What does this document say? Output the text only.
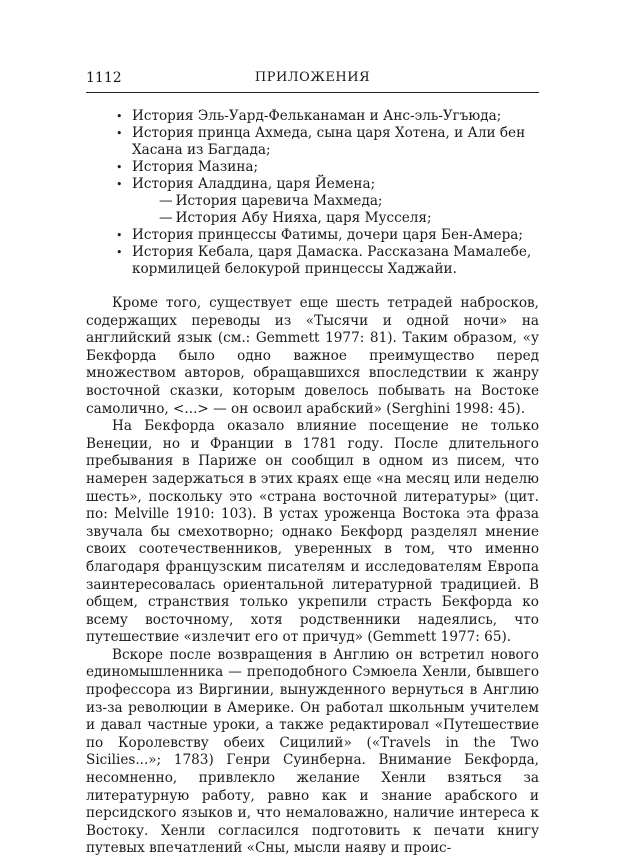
1112	ПРИЛОЖЕНИЯ
• История Эль-Уард-Фельканаман и Анс-эль-Угъюда;
• История принца Ахмеда, сына царя Хотена, и Али бен Хасана из Багдада;
• История Мазина;
• История Аладдина, царя Йемена;
— История царевича Махмеда;
— История Абу Нияха, царя Мусселя;
• История принцессы Фатимы, дочери царя Бен-Амера;
• История Кебала, царя Дамаска. Рассказана Мамалебе, кормилицей белокурой принцессы Хаджайи.

Кроме того, существует еще шесть тетрадей набросков, содержащих переводы из «Тысячи и одной ночи» на английский язык (см.: Gemmett 1977: 81). Таким образом, «у Бекфорда было одно важное преимущество перед множеством авторов, обращавшихся впоследствии к жанру восточной сказки, которым довелось побывать на Востоке самолично, <...> — он освоил арабский» (Serghini 1998: 45).

На Бекфорда оказало влияние посещение не только Венеции, но и Франции в 1781 году. После длительного пребывания в Париже он сообщил в одном из писем, что намерен задержаться в этих краях еще «на месяц или неделю шесть», поскольку это «страна восточной литературы» (цит. по: Melville 1910: 103). В устах уроженца Востока эта фраза звучала бы смехотворно; однако Бекфорд разделял мнение своих соотечественников, уверенных в том, что именно благодаря французским писателям и исследователям Европа заинтересовалась ориентальной литературной традицией. В общем, странствия только укрепили страсть Бекфорда ко всему восточному, хотя родственники надеялись, что путешествие «излечит его от причуд» (Gemmett 1977: 65).

Вскоре после возвращения в Англию он встретил нового единомышленника — преподобного Сэмюела Хенли, бывшего профессора из Виргинии, вынужденного вернуться в Англию из-за революции в Америке. Он работал школьным учителем и давал частные уроки, а также редактировал «Путешествие по Королевству обеих Сицилий» («Travels in the Two Sicilies...»; 1783) Генри Суинберна. Внимание Бекфорда, несомненно, привлекло желание Хенли взяться за литературную работу, равно как и знание арабского и персидского языков и, что немаловажно, наличие интереса к Востоку. Хенли согласился подготовить к печати книгу путевых впечатлений «Сны, мысли наяву и проис-
